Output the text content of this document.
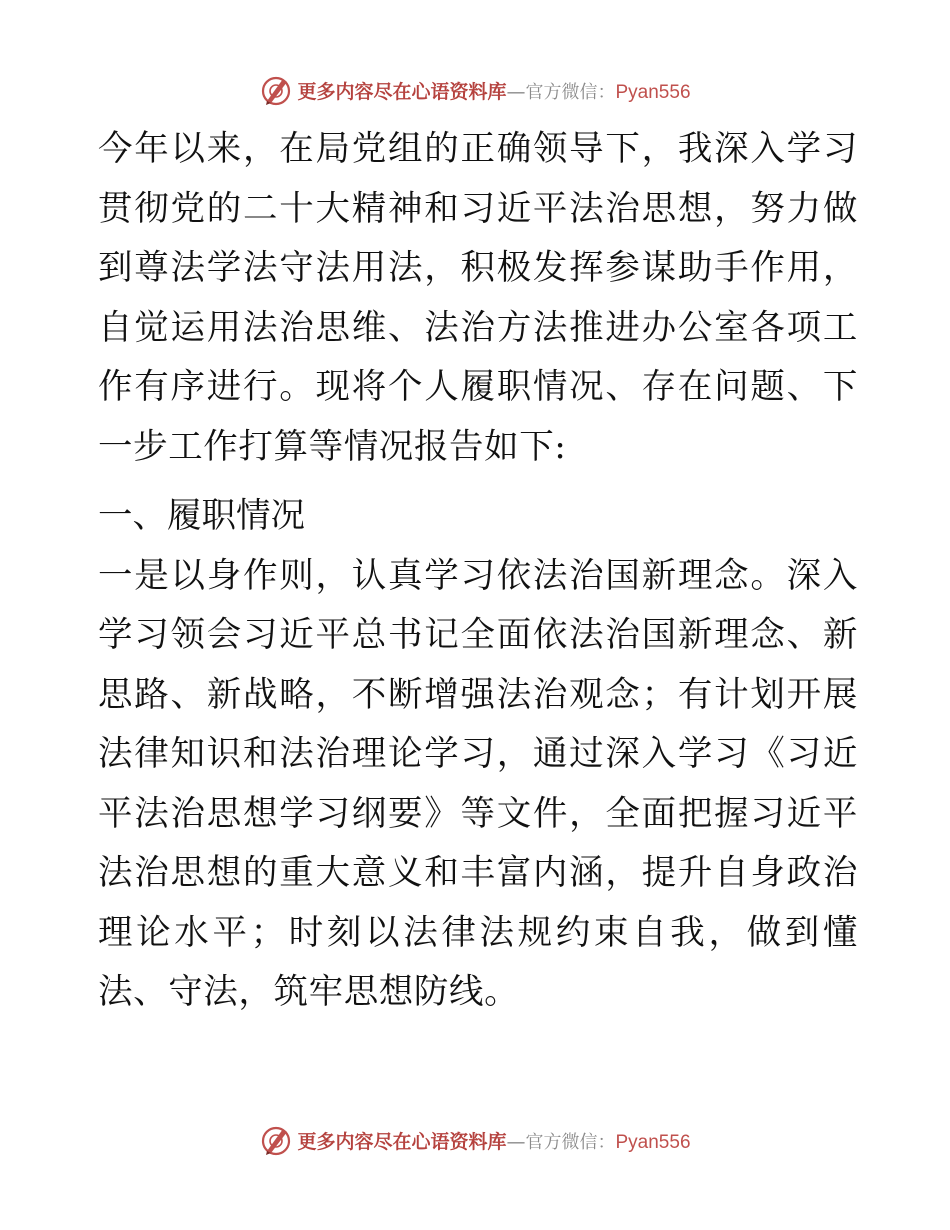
更多内容尽在心语资料库—官方微信：Pyan556

今年以来，在局党组的正确领导下，我深入学习贯彻党的二十大精神和习近平法治思想，努力做到尊法学法守法用法，积极发挥参谋助手作用，自觉运用法治思维、法治方法推进办公室各项工作有序进行。现将个人履职情况、存在问题、下一步工作打算等情况报告如下:

一、履职情况

一是以身作则，认真学习依法治国新理念。深入学习领会习近平总书记全面依法治国新理念、新思路、新战略，不断增强法治观念；有计划开展法律知识和法治理论学习，通过深入学习《习近平法治思想学习纲要》等文件，全面把握习近平法治思想的重大意义和丰富内涵，提升自身政治理论水平；时刻以法律法规约束自我，做到懂法、守法，筑牢思想防线。

更多内容尽在心语资料库—官方微信：Pyan556
